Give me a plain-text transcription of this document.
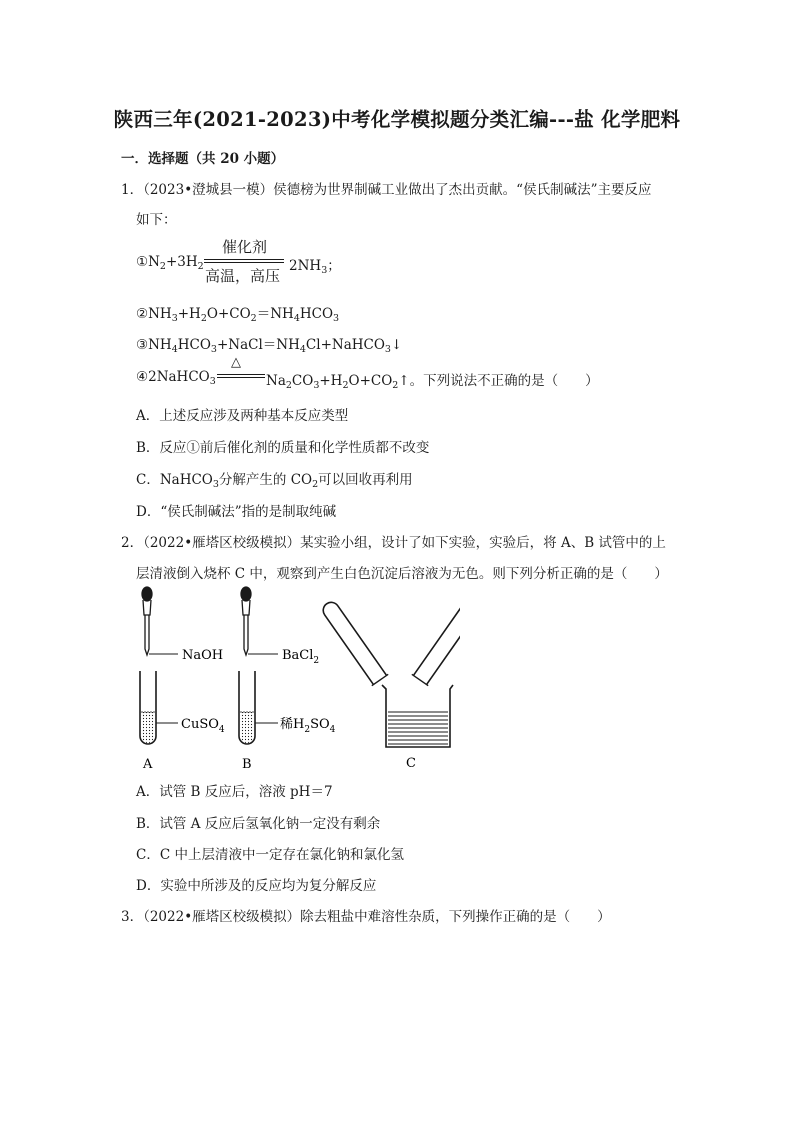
陕西三年(2021-2023)中考化学模拟题分类汇编---盐 化学肥料
一．选择题（共 20 小题）
1．（2023•澄城县一模）侯德榜为世界制碱工业做出了杰出贡献。“侯氏制碱法”主要反应
如下：
$①N_2+3H_2$
催化剂
高温，高压
$2NH_3$；
$②NH_3+H_2O+CO_2=NH_4HCO_3$
$③NH_4HCO_3+NaCl=NH_4Cl+NaHCO_3↓$
④2NaHCO$_3$
△
$Na_2CO_3+H_2O+CO_2↑$。下列说法不正确的是（　　）
A．上述反应涉及两种基本反应类型
B．反应①前后催化剂的质量和化学性质都不改变
C．NaHCO$_3$分解产生的 $CO_2$可以回收再利用
D．“侯氏制碱法”指的是制取纯碱
2．（2022•雁塔区校级模拟）某实验小组，设计了如下实验，实验后，将 A、B 试管中的上
层清液倒入烧杯 C 中，观察到产生白色沉淀后溶液为无色。则下列分析正确的是（　　）
NaOH
CuSO$_4$
A
BaCl$_2$
稀$H_2SO_4$
B	C
A．试管 B 反应后，溶液 pH＝7
B．试管 A 反应后氢氧化钠一定没有剩余
C．C 中上层清液中一定存在氯化钠和氯化氢
D．实验中所涉及的反应均为复分解反应
3．（2022•雁塔区校级模拟）除去粗盐中难溶性杂质，下列操作正确的是（　　）
